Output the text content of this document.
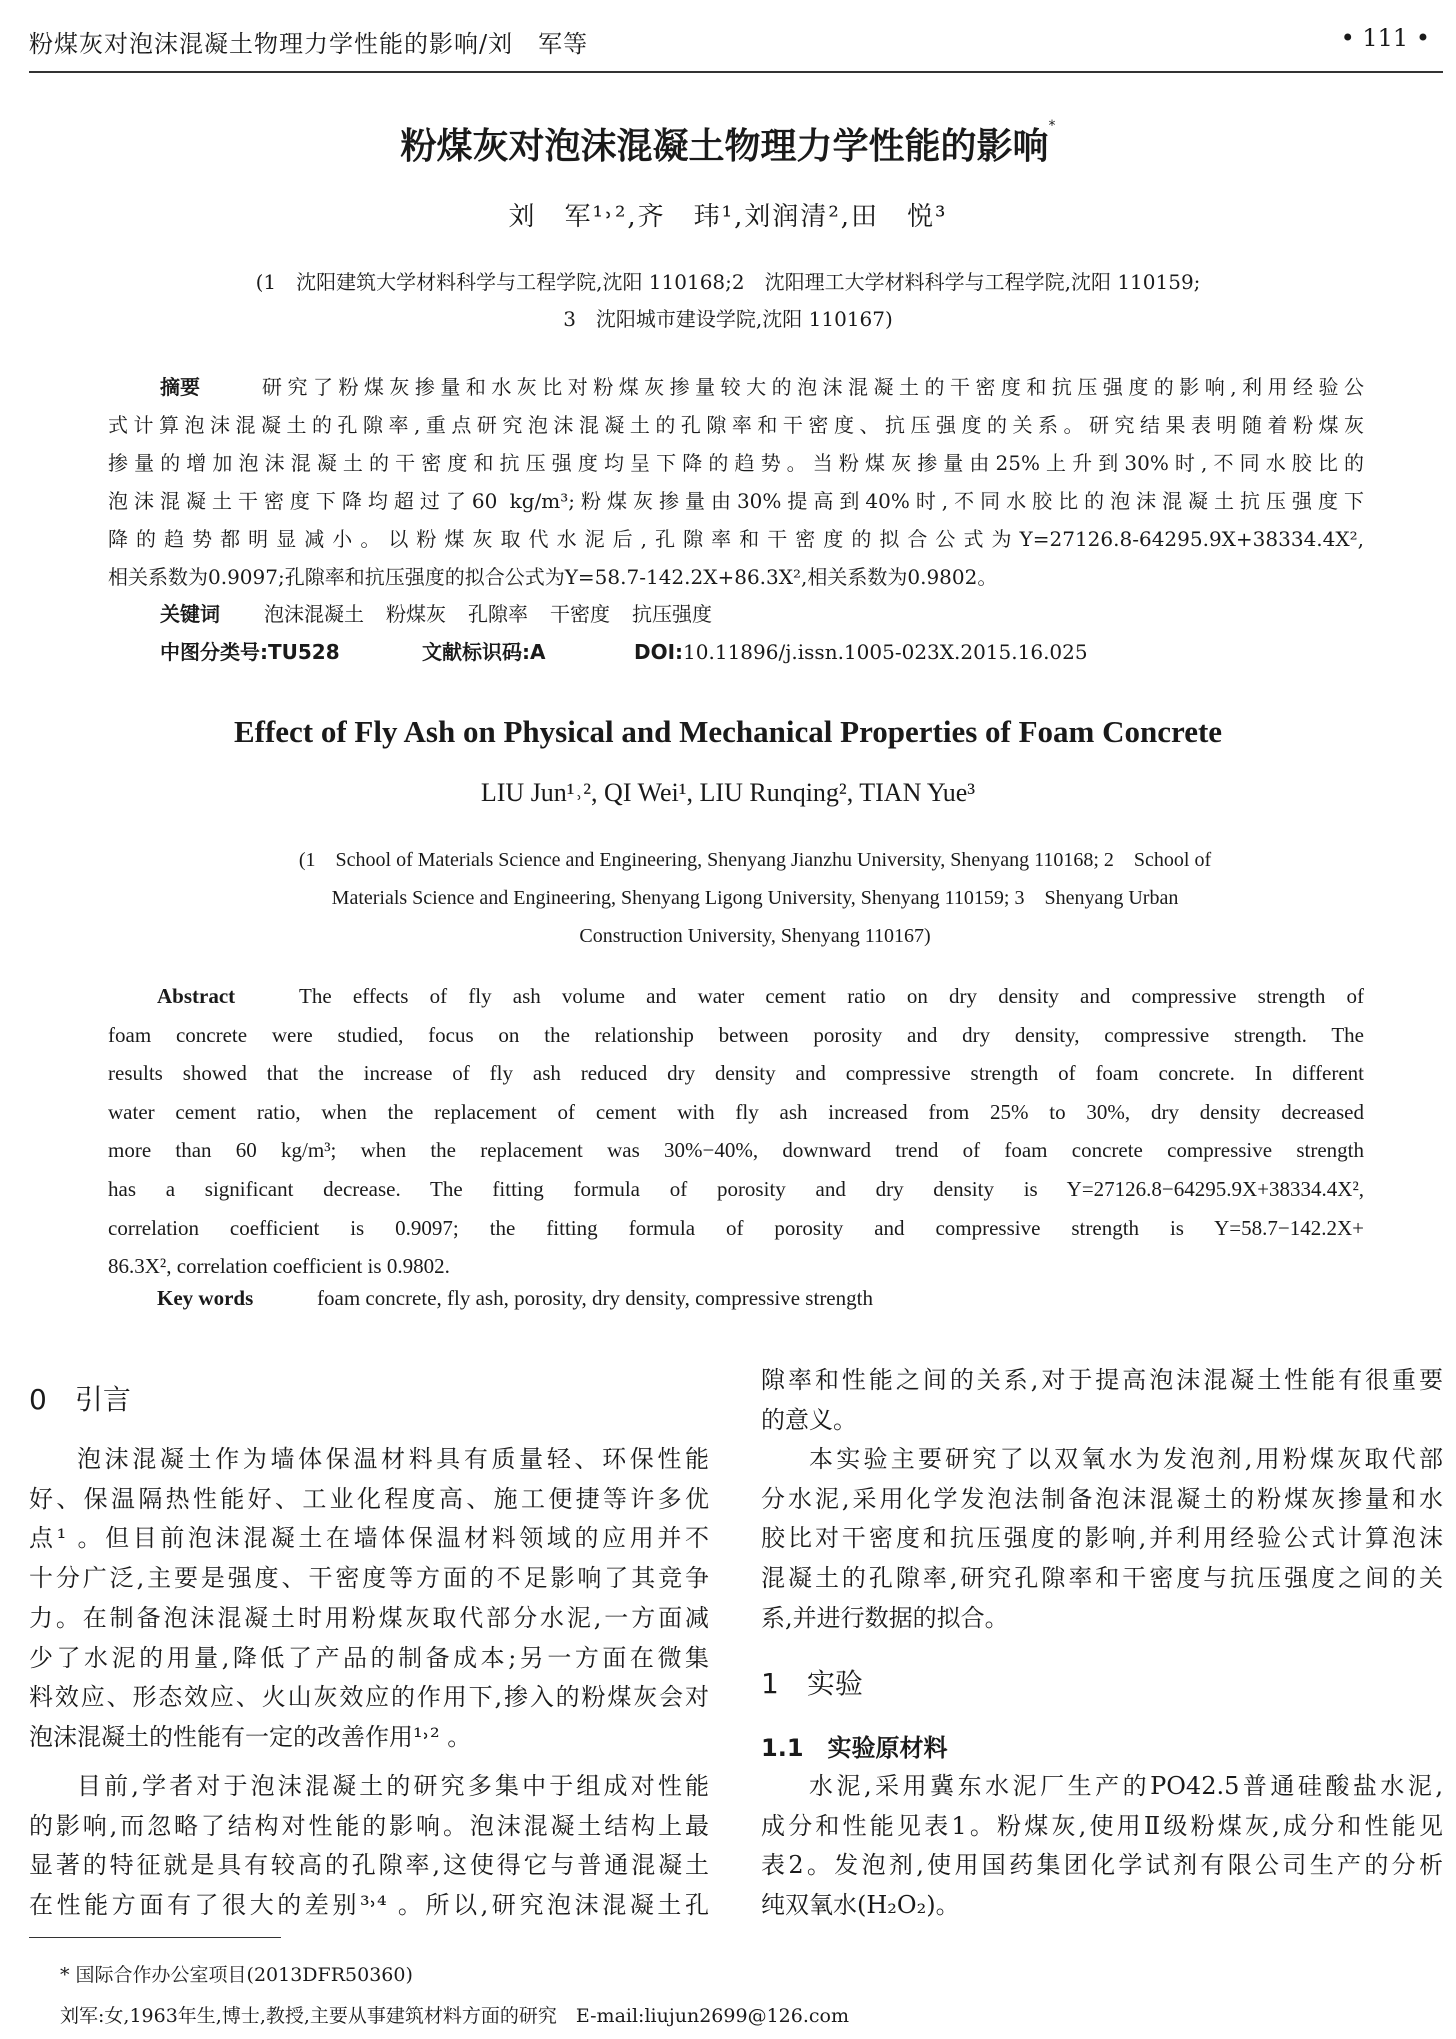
粉煤灰对泡沫混凝土物理力学性能的影响/刘　军等	• 111 •
粉煤灰对泡沫混凝土物理力学性能的影响*
刘　军¹˒²,齐　玮¹,刘润清²,田　悦³
(1　沈阳建筑大学材料科学与工程学院,沈阳 110168;2　沈阳理工大学材料科学与工程学院,沈阳 110159;
3　沈阳城市建设学院,沈阳 110167)
摘要	研究了粉煤灰掺量和水灰比对粉煤灰掺量较大的泡沫混凝土的干密度和抗压强度的影响,利用经验公
式计算泡沫混凝土的孔隙率,重点研究泡沫混凝土的孔隙率和干密度、抗压强度的关系。研究结果表明随着粉煤灰
掺量的增加泡沫混凝土的干密度和抗压强度均呈下降的趋势。当粉煤灰掺量由25%上升到30%时,不同水胶比的
泡沫混凝土干密度下降均超过了60 kg/m³;粉煤灰掺量由30%提高到40%时,不同水胶比的泡沫混凝土抗压强度下
降的趋势都明显减小。以粉煤灰取代水泥后,孔隙率和干密度的拟合公式为Y=27126.8-64295.9X+38334.4X²,
相关系数为0.9097;孔隙率和抗压强度的拟合公式为Y=58.7-142.2X+86.3X²,相关系数为0.9802。
关键词 泡沫混凝土 粉煤灰 孔隙率 干密度 抗压强度
中图分类号:TU528	文献标识码:A	DOI:10.11896/j.issn.1005-023X.2015.16.025
Effect of Fly Ash on Physical and Mechanical Properties of Foam Concrete
LIU Jun¹˒², QI Wei¹, LIU Runqing², TIAN Yue³
(1　School of Materials Science and Engineering, Shenyang Jianzhu University, Shenyang 110168; 2　School of
Materials Science and Engineering, Shenyang Ligong University, Shenyang 110159; 3　Shenyang Urban
Construction University, Shenyang 110167)
Abstract	The effects of fly ash volume and water cement ratio on dry density and compressive strength of
foam concrete were studied, focus on the relationship between porosity and dry density, compressive strength. The
results showed that the increase of fly ash reduced dry density and compressive strength of foam concrete. In different
water cement ratio, when the replacement of cement with fly ash increased from 25% to 30%, dry density decreased
more than 60 kg/m³; when the replacement was 30%−40%, downward trend of foam concrete compressive strength
has a significant decrease. The fitting formula of porosity and dry density is Y=27126.8−64295.9X+38334.4X²,
correlation coefficient is 0.9097; the fitting formula of porosity and compressive strength is Y=58.7−142.2X+
86.3X², correlation coefficient is 0.9802.
Key words	foam concrete, fly ash, porosity, dry density, compressive strength
0　引言
泡沫混凝土作为墙体保温材料具有质量轻、环保性能
好、保温隔热性能好、工业化程度高、施工便捷等许多优
点¹ 。但目前泡沫混凝土在墙体保温材料领域的应用并不
十分广泛,主要是强度、干密度等方面的不足影响了其竞争
力。在制备泡沫混凝土时用粉煤灰取代部分水泥,一方面减
少了水泥的用量,降低了产品的制备成本;另一方面在微集
料效应、形态效应、火山灰效应的作用下,掺入的粉煤灰会对
泡沫混凝土的性能有一定的改善作用¹˒² 。
目前,学者对于泡沫混凝土的研究多集中于组成对性能
的影响,而忽略了结构对性能的影响。泡沫混凝土结构上最
显著的特征就是具有较高的孔隙率,这使得它与普通混凝土
在性能方面有了很大的差别³˒⁴ 。所以,研究泡沫混凝土孔
隙率和性能之间的关系,对于提高泡沫混凝土性能有很重要
的意义。
本实验主要研究了以双氧水为发泡剂,用粉煤灰取代部
分水泥,采用化学发泡法制备泡沫混凝土的粉煤灰掺量和水
胶比对干密度和抗压强度的影响,并利用经验公式计算泡沫
混凝土的孔隙率,研究孔隙率和干密度与抗压强度之间的关
系,并进行数据的拟合。
1　实验
1.1　实验原材料
水泥,采用冀东水泥厂生产的PO42.5普通硅酸盐水泥,
成分和性能见表1。粉煤灰,使用Ⅱ级粉煤灰,成分和性能见
表2。发泡剂,使用国药集团化学试剂有限公司生产的分析
纯双氧水(H₂O₂)。
* 国际合作办公室项目(2013DFR50360)
刘军:女,1963年生,博士,教授,主要从事建筑材料方面的研究　E-mail:liujun2699@126.com
